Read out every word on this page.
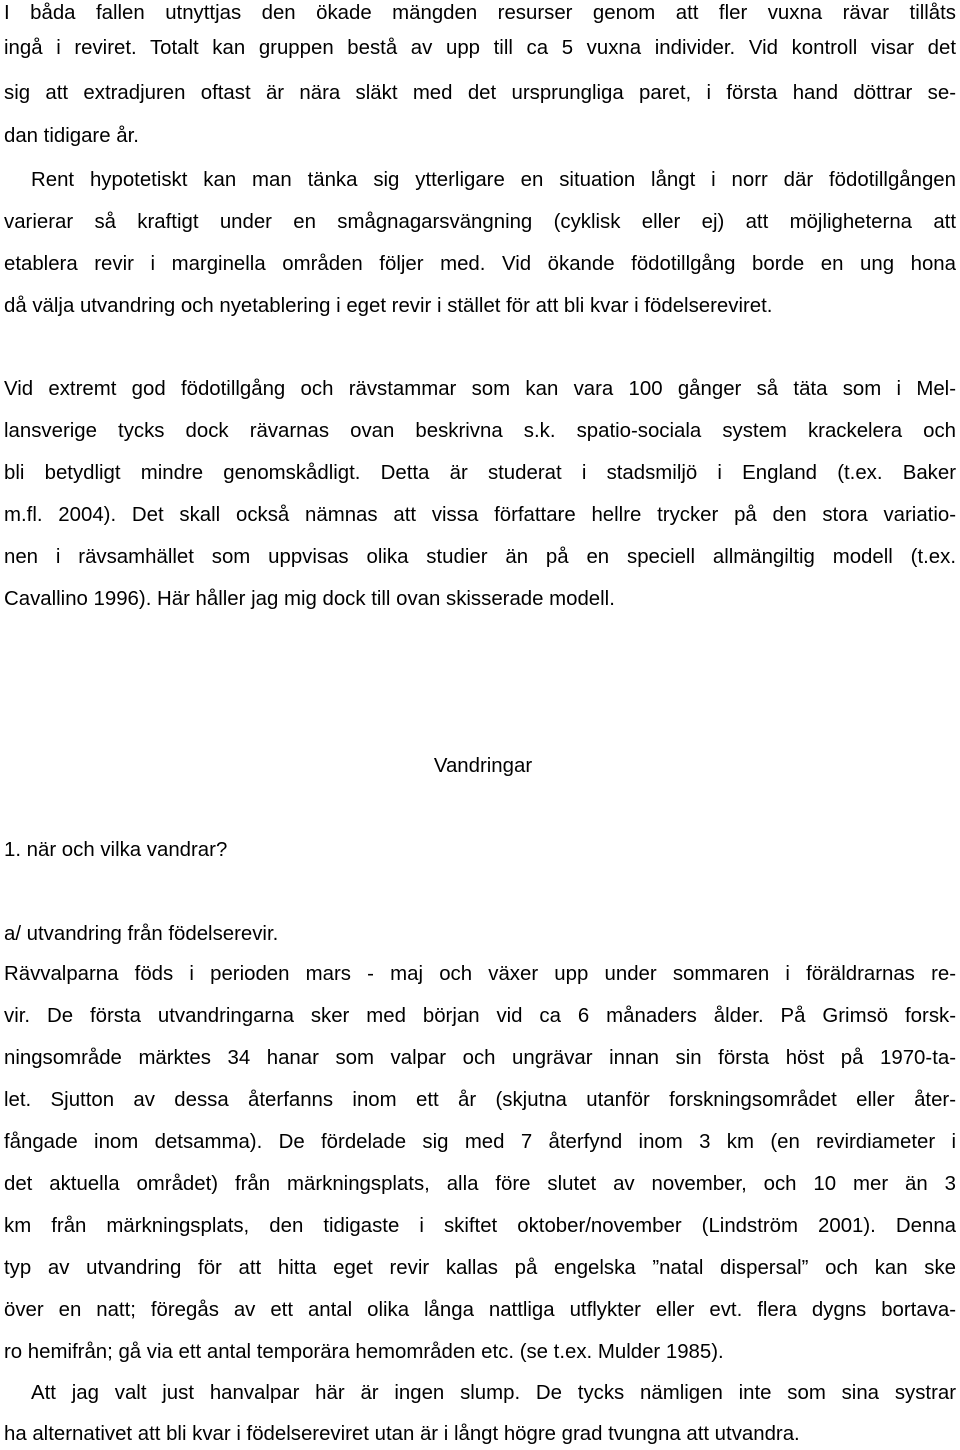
I båda fallen utnyttjas den ökade mängden resurser genom att fler vuxna rävar tillåts
ingå i reviret. Totalt kan gruppen bestå av upp till ca 5 vuxna individer. Vid kontroll visar det
sig att extradjuren oftast är nära släkt med det ursprungliga paret, i första hand döttrar se-
dan tidigare år.
Rent hypotetiskt kan man tänka sig ytterligare en situation långt i norr där födotillgången
varierar så kraftigt under en smågnagarsvängning (cyklisk eller ej) att möjligheterna att
etablera revir i marginella områden följer med. Vid ökande födotillgång borde en ung hona
då välja utvandring och nyetablering i eget revir i stället för att bli kvar i födelsereviret.
Vid extremt god födotillgång och rävstammar som kan vara 100 gånger så täta som i Mel-
lansverige tycks dock rävarnas ovan beskrivna s.k. spatio-sociala system krackelera och
bli betydligt mindre genomskådligt. Detta är studerat i stadsmiljö i England (t.ex. Baker
m.fl. 2004). Det skall också nämnas att vissa författare hellre trycker på den stora variatio-
nen i rävsamhället som uppvisas olika studier än på en speciell allmängiltig modell (t.ex.
Cavallino 1996). Här håller jag mig dock till ovan skisserade modell.
Vandringar
1. när och vilka vandrar?
a/ utvandring från födelserevir.
Rävvalparna föds i perioden mars - maj och växer upp under sommaren i föräldrarnas re-
vir. De första utvandringarna sker med början vid ca 6 månaders ålder. På Grimsö forsk-
ningsområde märktes 34 hanar som valpar och ungrävar innan sin första höst på 1970-ta-
let. Sjutton av dessa återfanns inom ett år (skjutna utanför forskningsområdet eller åter-
fångade inom detsamma). De fördelade sig med 7 återfynd inom 3 km (en revirdiameter i
det aktuella området) från märkningsplats, alla före slutet av november, och 10 mer än 3
km från märkningsplats, den tidigaste i skiftet oktober/november (Lindström 2001). Denna
typ av utvandring för att hitta eget revir kallas på engelska ”natal dispersal” och kan ske
över en natt; föregås av ett antal olika långa nattliga utflykter eller evt. flera dygns bortava-
ro hemifrån; gå via ett antal temporära hemområden etc. (se t.ex. Mulder 1985).
Att jag valt just hanvalpar här är ingen slump. De tycks nämligen inte som sina systrar
ha alternativet att bli kvar i födelsereviret utan är i långt högre grad tvungna att utvandra.
